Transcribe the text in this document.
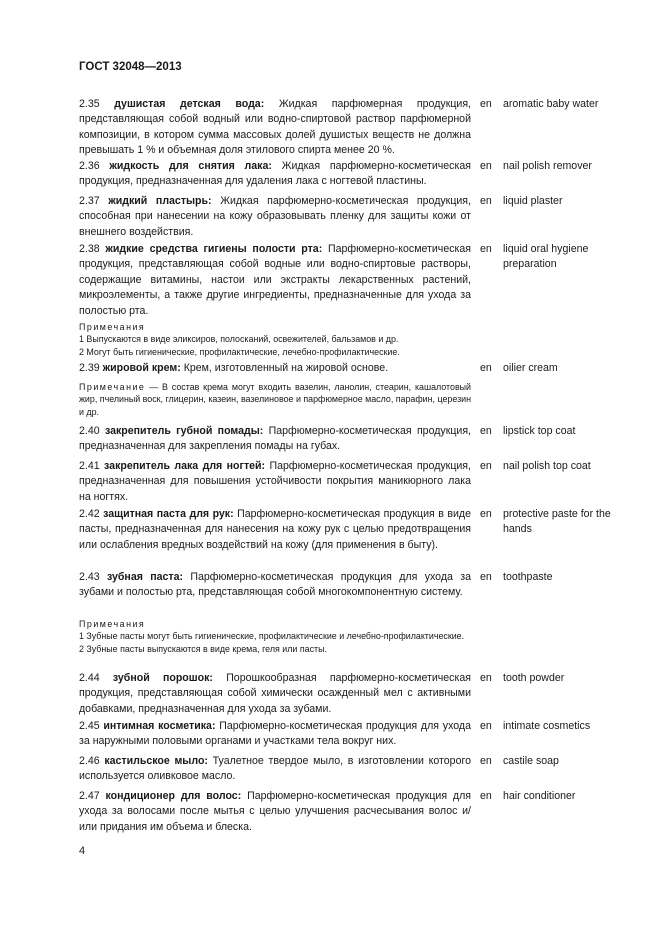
ГОСТ 32048—2013
2.35 душистая детская вода: Жидкая парфюмерная продукция, представляющая собой водный или водно-спиртовой раствор парфюмерной композиции, в котором сумма массовых долей душистых веществ не должна превышать 1 % и объемная доля этилового спирта менее 20 %.
en aromatic baby water
2.36 жидкость для снятия лака: Жидкая парфюмерно-косметическая продукция, предназначенная для удаления лака с ногтевой пластины.
en nail polish remover
2.37 жидкий пластырь: Жидкая парфюмерно-косметическая продукция, способная при нанесении на кожу образовывать пленку для защиты кожи от внешнего воздействия.
en liquid plaster
2.38 жидкие средства гигиены полости рта: Парфюмерно-косметическая продукция, представляющая собой водные или водно-спиртовые растворы, содержащие витамины, настои или экстракты лекарственных растений, микроэлементы, а также другие ингредиенты, предназначенные для ухода за полостью рта.
en liquid oral hygiene preparation
Примечания
1 Выпускаются в виде эликсиров, полосканий, освежителей, бальзамов и др.
2 Могут быть гигиенические, профилактические, лечебно-профилактические.
2.39 жировой крем: Крем, изготовленный на жировой основе.	en oilier cream
Примечание — В состав крема могут входить вазелин, ланолин, стеарин, кашалотовый жир, пчелиный воск, глицерин, казеин, вазелиновое и парфюмерное масло, парафин, церезин и др.
2.40 закрепитель губной помады: Парфюмерно-косметическая продукция, предназначенная для закрепления помады на губах.
en lipstick top coat
2.41 закрепитель лака для ногтей: Парфюмерно-косметическая продукция, предназначенная для повышения устойчивости покрытия маникюрного лака на ногтях.
en nail polish top coat
2.42 защитная паста для рук: Парфюмерно-косметическая продукция в виде пасты, предназначенная для нанесения на кожу рук с целью предотвращения или ослабления вредных воздействий на кожу (для применения в быту).
en protective paste for the hands
2.43 зубная паста: Парфюмерно-косметическая продукция для ухода за зубами и полостью рта, представляющая собой многокомпонентную систему.
en toothpaste
Примечания
1 Зубные пасты могут быть гигиенические, профилактические и лечебно-профилактические.
2 Зубные пасты выпускаются в виде крема, геля или пасты.
2.44 зубной порошок: Порошкообразная парфюмерно-косметическая продукция, представляющая собой химически осажденный мел с активными добавками, предназначенная для ухода за зубами.
en tooth powder
2.45 интимная косметика: Парфюмерно-косметическая продукция для ухода за наружными половыми органами и участками тела вокруг них.
en intimate cosmetics
2.46 кастильское мыло: Туалетное твердое мыло, в изготовлении которого используется оливковое масло.
en castile soap
2.47 кондиционер для волос: Парфюмерно-косметическая продукция для ухода за волосами после мытья с целью улучшения расчесывания волос и/или придания им объема и блеска.
en hair conditioner
4
